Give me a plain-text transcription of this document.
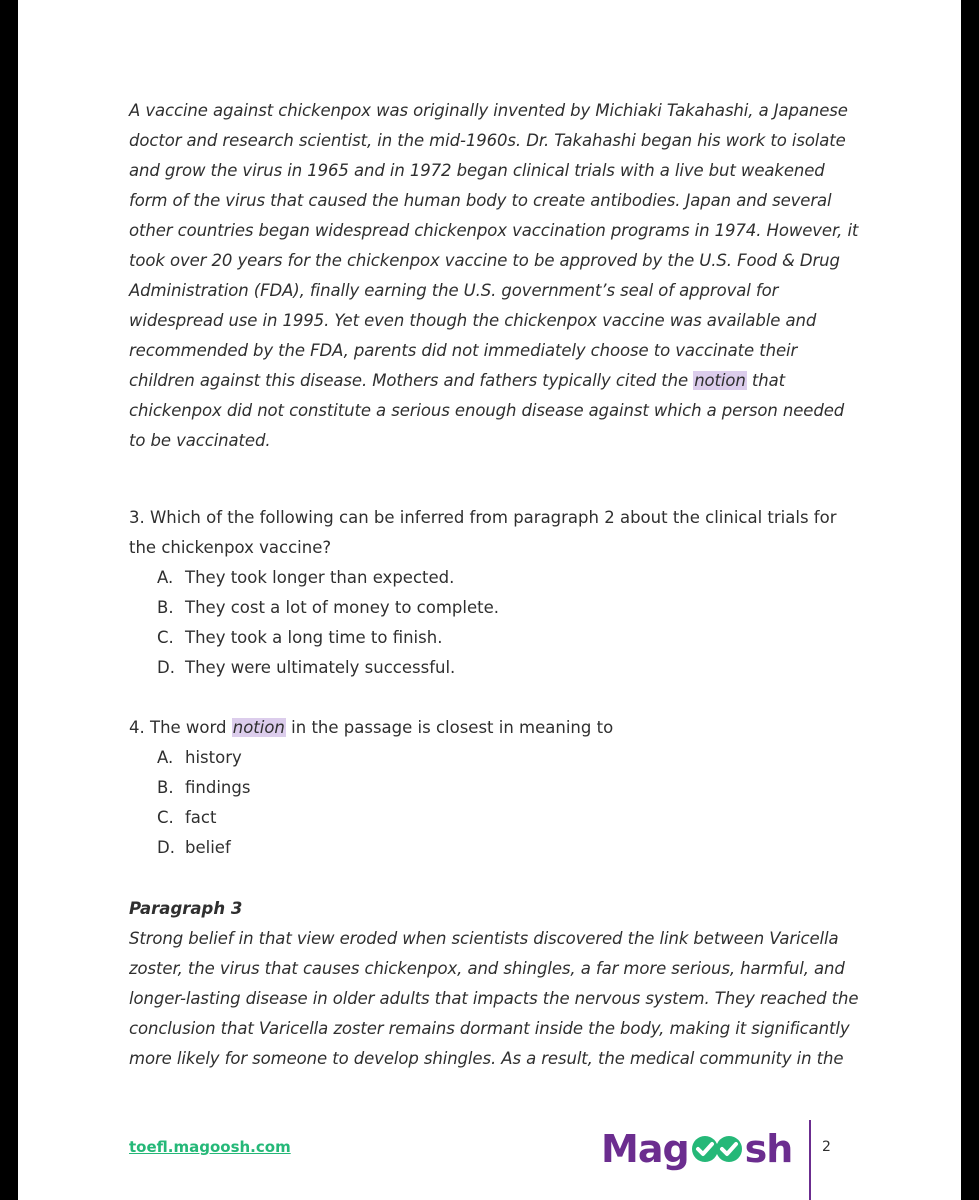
A vaccine against chickenpox was originally invented by Michiaki Takahashi, a Japanese doctor and research scientist, in the mid-1960s. Dr. Takahashi began his work to isolate and grow the virus in 1965 and in 1972 began clinical trials with a live but weakened form of the virus that caused the human body to create antibodies. Japan and several other countries began widespread chickenpox vaccination programs in 1974. However, it took over 20 years for the chickenpox vaccine to be approved by the U.S. Food & Drug Administration (FDA), finally earning the U.S. government’s seal of approval for widespread use in 1995. Yet even though the chickenpox vaccine was available and recommended by the FDA, parents did not immediately choose to vaccinate their children against this disease. Mothers and fathers typically cited the notion that chickenpox did not constitute a serious enough disease against which a person needed to be vaccinated.

3. Which of the following can be inferred from paragraph 2 about the clinical trials for the chickenpox vaccine?
A. They took longer than expected.
B. They cost a lot of money to complete.
C. They took a long time to finish.
D. They were ultimately successful.
4. The word notion in the passage is closest in meaning to
A. history
B. findings
C. fact
D. belief
Paragraph 3

Strong belief in that view eroded when scientists discovered the link between Varicella zoster, the virus that causes chickenpox, and shingles, a far more serious, harmful, and longer-lasting disease in older adults that impacts the nervous system. They reached the conclusion that Varicella zoster remains dormant inside the body, making it significantly more likely for someone to develop shingles. As a result, the medical community in the

toefl.magoosh.com	Mag sh 2
